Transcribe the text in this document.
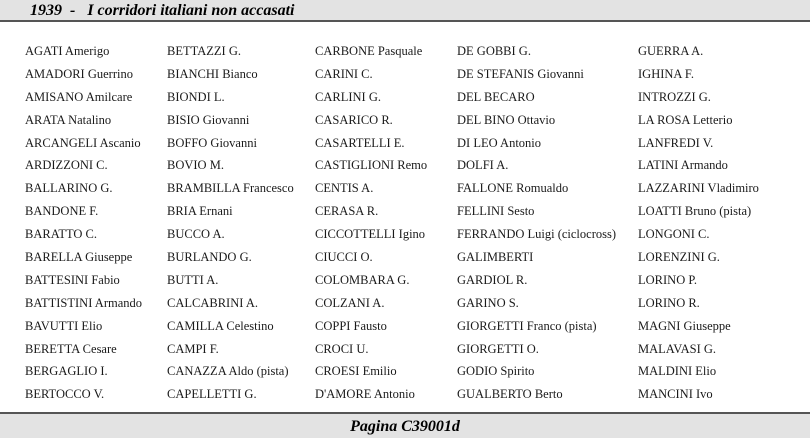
1939  -   I corridori italiani non accasati
AGATI Amerigo
AMADORI Guerrino
AMISANO Amilcare
ARATA Natalino
ARCANGELI Ascanio
ARDIZZONI C.
BALLARINO G.
BANDONE F.
BARATTO C.
BARELLA Giuseppe
BATTESINI Fabio
BATTISTINI Armando
BAVUTTI Elio
BERETTA Cesare
BERGAGLIO I.
BERTOCCO V.
BETTAZZI G.
BIANCHI Bianco
BIONDI L.
BISIO Giovanni
BOFFO Giovanni
BOVIO M.
BRAMBILLA Francesco
BRIA Ernani
BUCCO A.
BURLANDO G.
BUTTI A.
CALCABRINI A.
CAMILLA Celestino
CAMPI F.
CANAZZA Aldo (pista)
CAPELLETTI G.
CARBONE Pasquale
CARINI C.
CARLINI G.
CASARICO R.
CASARTELLI E.
CASTIGLIONI Remo
CENTIS A.
CERASA R.
CICCOTTELLI Igino
CIUCCI O.
COLOMBARA G.
COLZANI A.
COPPI Fausto
CROCI U.
CROESI Emilio
D'AMORE Antonio
DE GOBBI G.
DE STEFANIS Giovanni
DEL BECARO
DEL BINO Ottavio
DI LEO Antonio
DOLFI A.
FALLONE Romualdo
FELLINI Sesto
FERRANDO Luigi (ciclocross)
GALIMBERTI
GARDIOL R.
GARINO S.
GIORGETTI Franco (pista)
GIORGETTI O.
GODIO Spirito
GUALBERTO Berto
GUERRA A.
IGHINA F.
INTROZZI G.
LA ROSA Letterio
LANFREDI V.
LATINI Armando
LAZZARINI Vladimiro
LOATTI Bruno (pista)
LONGONI C.
LORENZINI G.
LORINO P.
LORINO R.
MAGNI Giuseppe
MALAVASI G.
MALDINI Elio
MANCINI Ivo
Pagina C39001d
